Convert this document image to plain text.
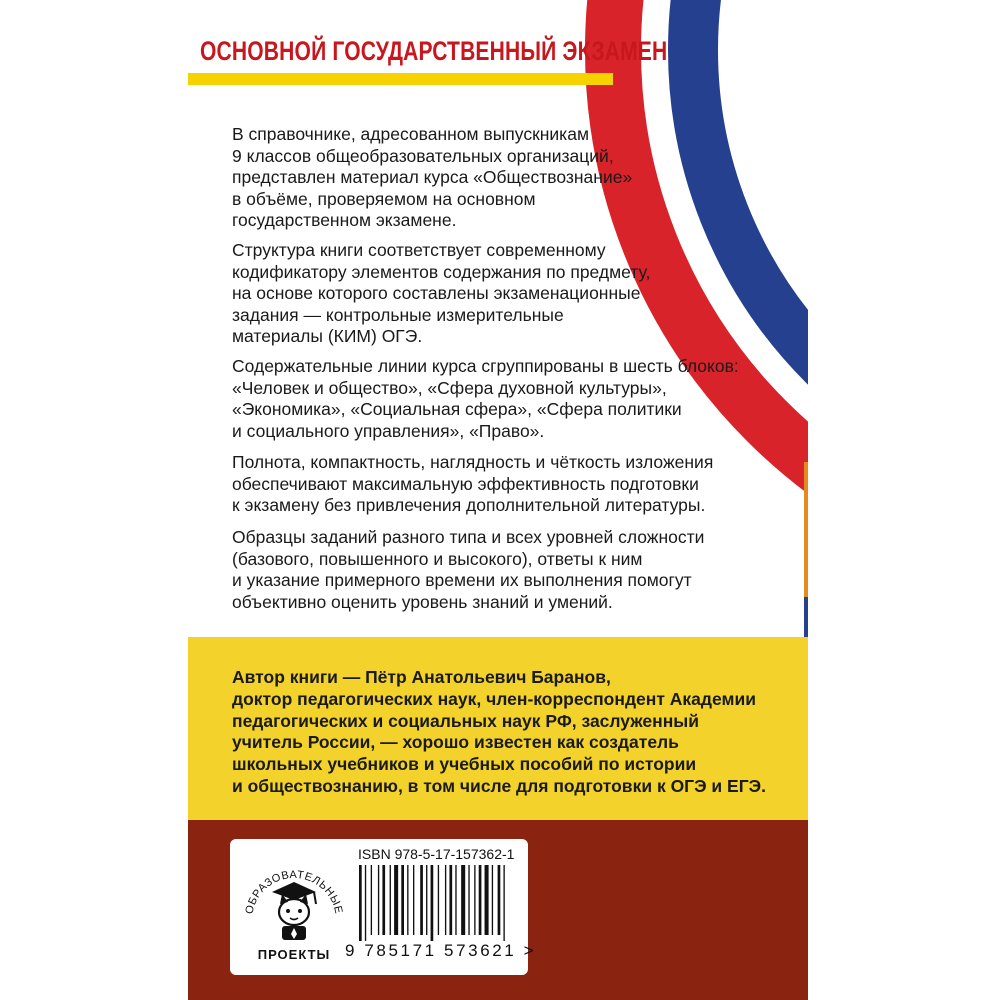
ОСНОВНОЙ ГОСУДАРСТВЕННЫЙ ЭКЗАМЕН

В справочнике, адресованном выпускникам
9 классов общеобразовательных организаций,
представлен материал курса «Обществознание»
в объёме, проверяемом на основном
государственном экзамене.

Структура книги соответствует современному
кодификатору элементов содержания по предмету,
на основе которого составлены экзаменационные
задания — контрольные измерительные
материалы (КИМ) ОГЭ.

Содержательные линии курса сгруппированы в шесть блоков:
«Человек и общество», «Сфера духовной культуры»,
«Экономика», «Социальная сфера», «Сфера политики
и социального управления», «Право».

Полнота, компактность, наглядность и чёткость изложения
обеспечивают максимальную эффективность подготовки
к экзамену без привлечения дополнительной литературы.

Образцы заданий разного типа и всех уровней сложности
(базового, повышенного и высокого), ответы к ним
и указание примерного времени их выполнения помогут
объективно оценить уровень знаний и умений.

Автор книги — Пётр Анатольевич Баранов,
доктор педагогических наук, член-корреспондент Академии
педагогических и социальных наук РФ, заслуженный
учитель России, — хорошо известен как создатель
школьных учебников и учебных пособий по истории
и обществознанию, в том числе для подготовки к ОГЭ и ЕГЭ.

ОБРАЗОВАТЕЛЬНЫЕ
ПРОЕКТЫ
ISBN 978-5-17-157362-1
9 785171 573621 >
